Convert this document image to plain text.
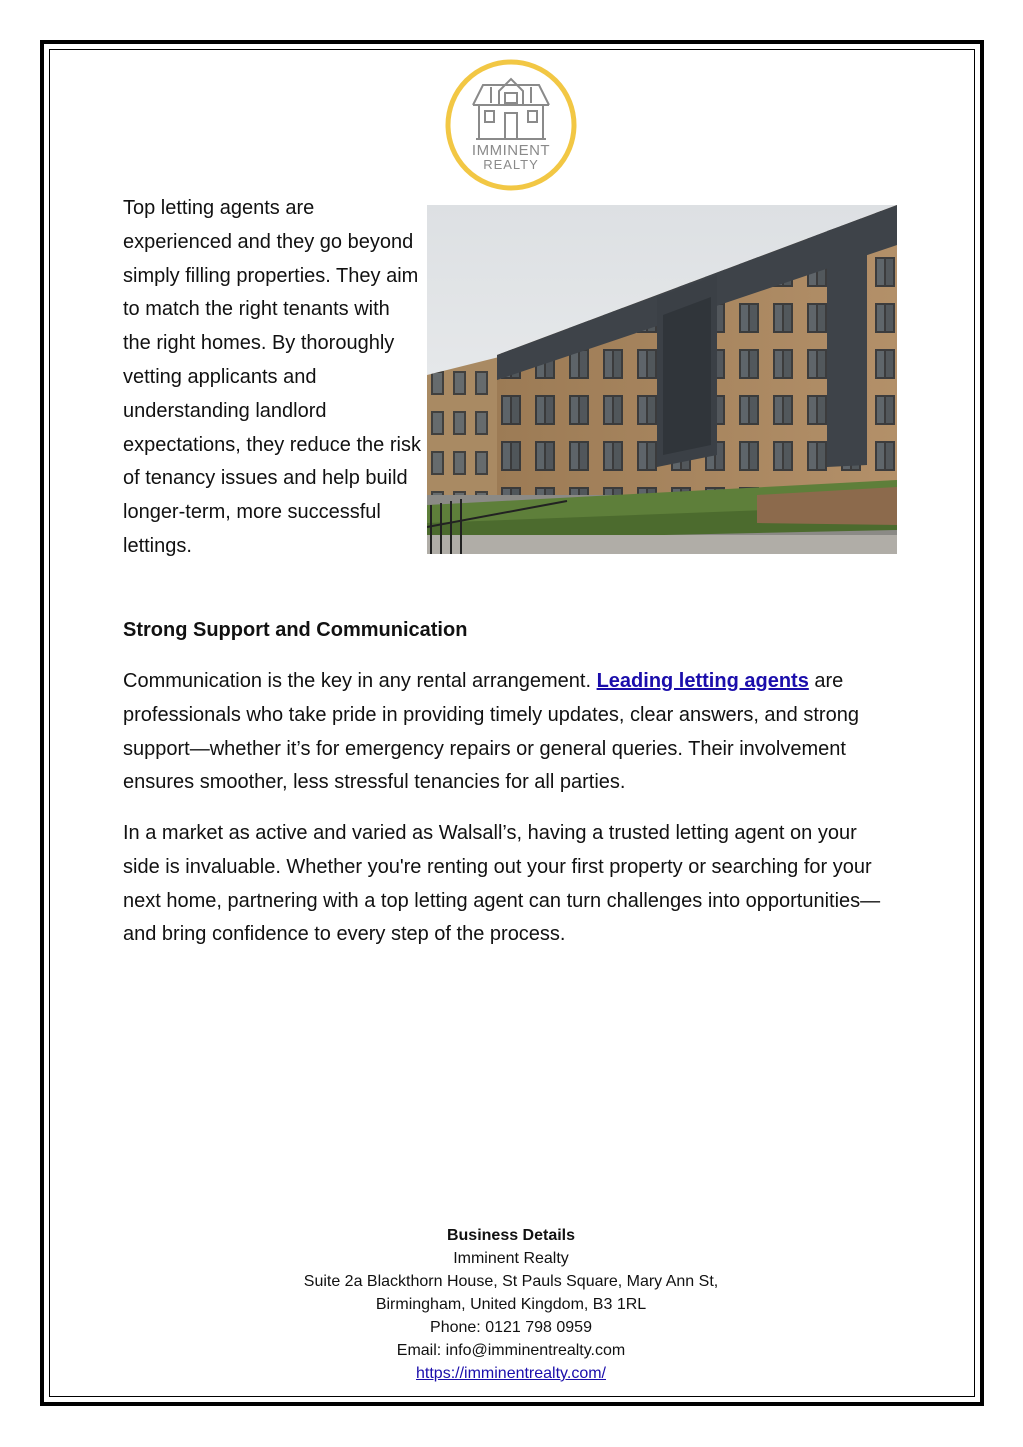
IMMINENT
REALTY

Top letting agents are experienced and they go beyond simply filling properties. They aim to match the right tenants with the right homes. By thoroughly vetting applicants and understanding landlord expectations, they reduce the risk of tenancy issues and help build longer-term, more successful lettings.

Strong Support and Communication

Communication is the key in any rental arrangement. Leading letting agents are professionals who take pride in providing timely updates, clear answers, and strong support—whether it’s for emergency repairs or general queries. Their involvement ensures smoother, less stressful tenancies for all parties.

In a market as active and varied as Walsall’s, having a trusted letting agent on your side is invaluable. Whether you're renting out your first property or searching for your next home, partnering with a top letting agent can turn challenges into opportunities—and bring confidence to every step of the process.

Business Details
Imminent Realty
Suite 2a Blackthorn House, St Pauls Square, Mary Ann St,
Birmingham, United Kingdom, B3 1RL
Phone: 0121 798 0959
Email: info@imminentrealty.com
https://imminentrealty.com/
